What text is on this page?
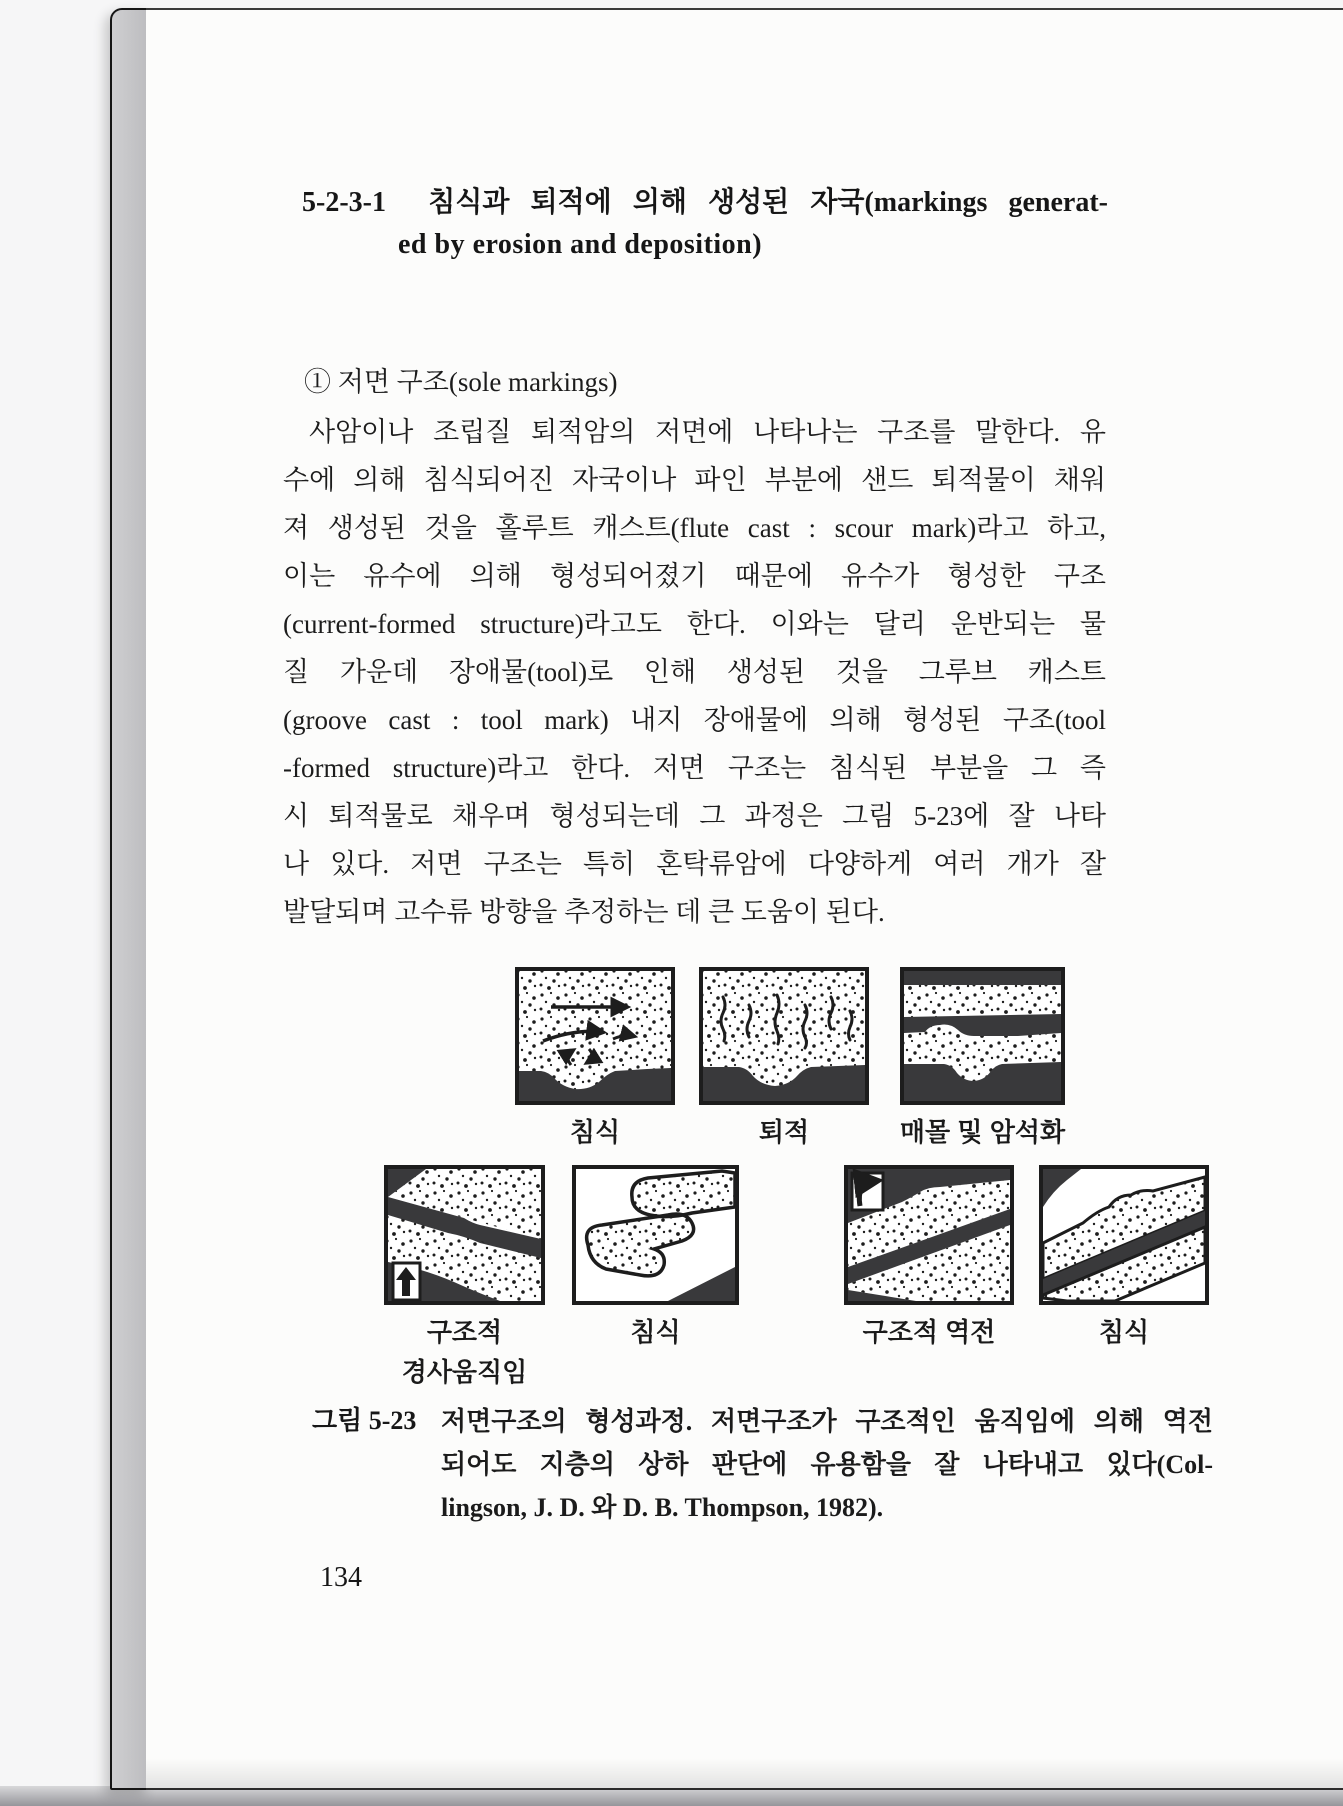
5-2-3-1  침식과 퇴적에 의해 생성된 자국(markings generat-
ed by erosion and deposition)
① 저면 구조(sole markings)
사암이나 조립질 퇴적암의 저면에 나타나는 구조를 말한다. 유
수에 의해 침식되어진 자국이나 파인 부분에 샌드 퇴적물이 채워
져 생성된 것을 홀루트 캐스트(flute cast : scour mark)라고 하고,
이는 유수에 의해 형성되어졌기 때문에 유수가 형성한 구조
(current-formed structure)라고도 한다. 이와는 달리 운반되는 물
질 가운데 장애물(tool)로 인해 생성된 것을 그루브 캐스트
(groove cast : tool mark) 내지 장애물에 의해 형성된 구조(tool
-formed structure)라고 한다. 저면 구조는 침식된 부분을 그 즉
시 퇴적물로 채우며 형성되는데 그 과정은 그림 5-23에 잘 나타
나 있다. 저면 구조는 특히 혼탁류암에 다양하게 여러 개가 잘
발달되며 고수류 방향을 추정하는 데 큰 도움이 된다.
침식	퇴적	매몰 및 암석화
구조적
경사움직임
침식	구조적 역전	침식
그림 5-23 저면구조의 형성과정. 저면구조가 구조적인 움직임에 의해 역전
되어도 지층의 상하 판단에 유용함을 잘 나타내고 있다(Col-
lingson, J. D. 와 D. B. Thompson, 1982).
134
